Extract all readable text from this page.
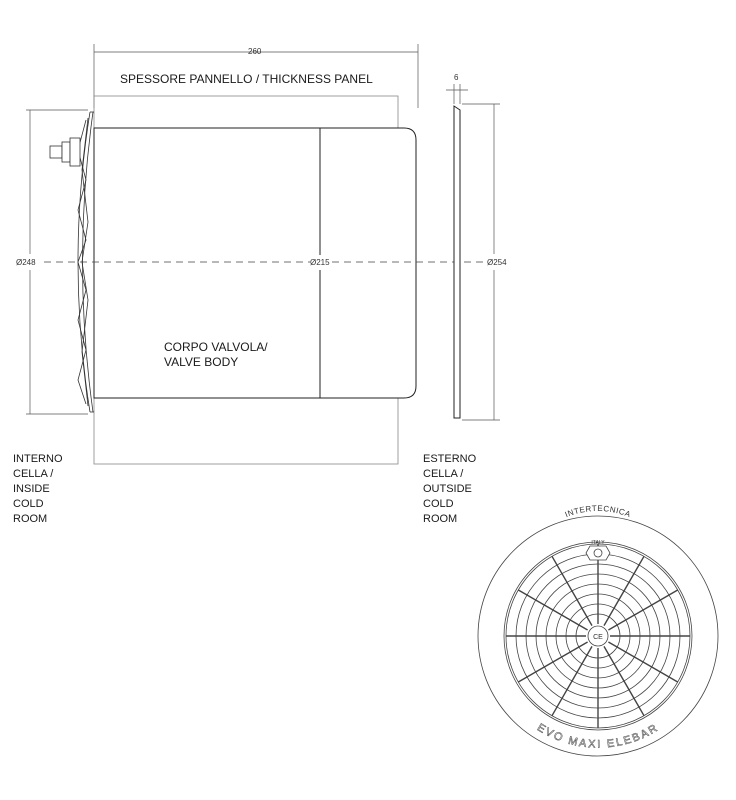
INTERTECNICA
ITALY
EVO MAXI ELEBAR
CE
260
6
Ø248	Ø215	Ø254
SPESSORE PANNELLO / THICKNESS PANEL
CORPO VALVOLA/
VALVE BODY
INTERNO
CELLA /
INSIDE
COLD
ROOM
ESTERNO
CELLA /
OUTSIDE
COLD
ROOM
